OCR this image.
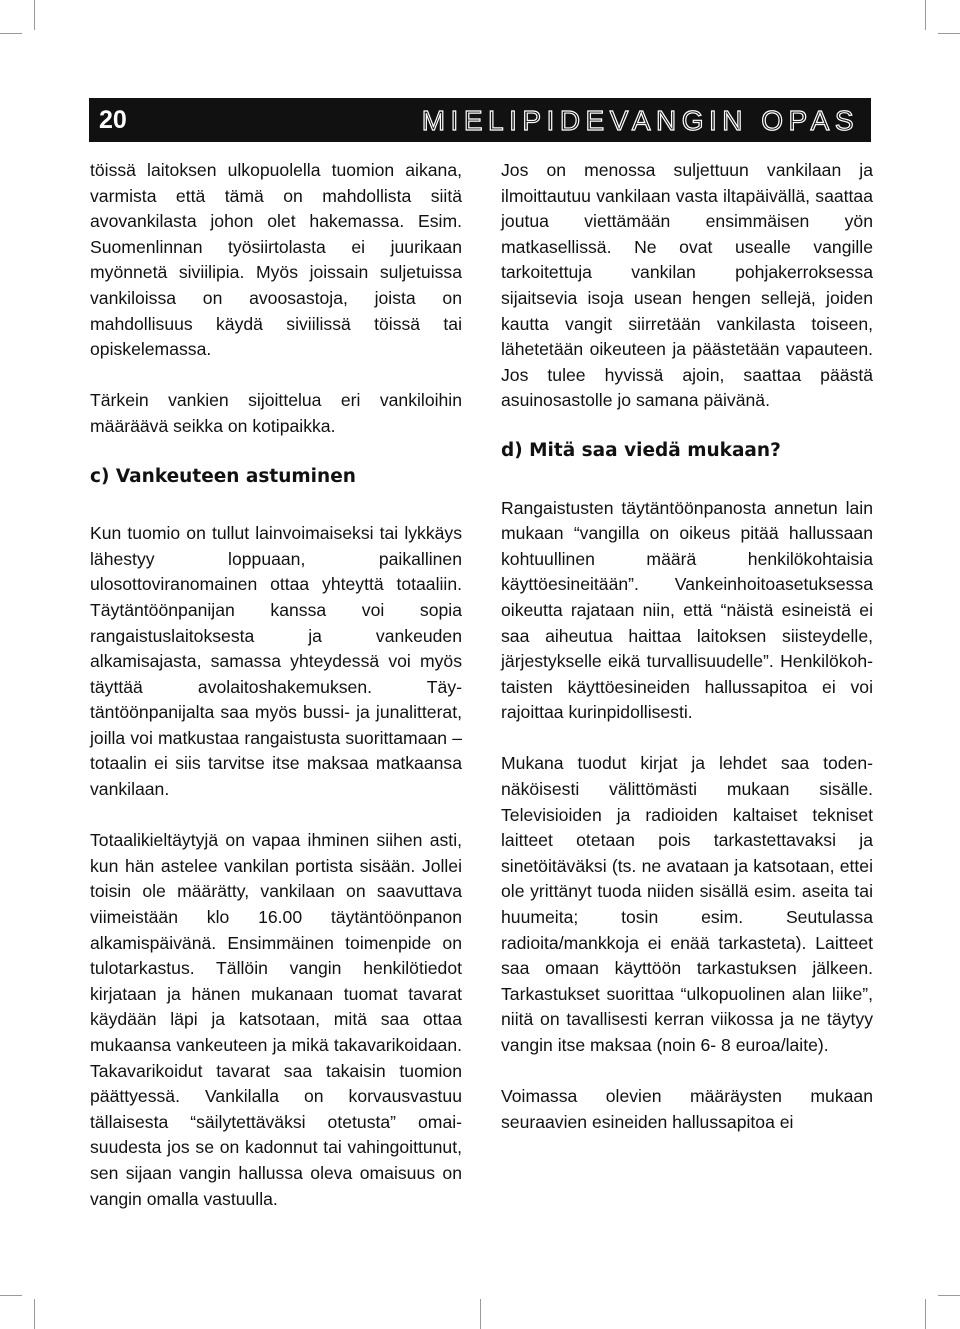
20	MIELIPIDEVANGIN OPAS

töissä laitoksen ulkopuolella tuomion aikana, varmista että tämä on mahdollista siitä avovankilasta johon olet hakemassa. Esim. Suomenlinnan työsiirtolasta ei juurikaan myönnetä siviilipia. Myös joissain suljetuissa vankiloissa on avoosastoja, joista on mahdollisuus käydä siviilissä töissä tai opiskelemassa.

Tärkein vankien sijoittelua eri vankiloihin määräävä seikka on kotipaikka.

c) Vankeuteen astuminen

Kun tuomio on tullut lainvoimaiseksi tai lykkäys lähestyy loppuaan, paikallinen ulosottoviranomainen ottaa yhteyttä totaaliin. Täytäntöönpanijan kanssa voi sopia rangaistuslaitoksesta ja vankeuden alkamisajasta, samassa yhteydessä voi myös täyttää avolaitoshakemuksen. Täytäntöönpanijalta saa myös bussi- ja junalitterat, joilla voi matkustaa rangaistusta suorittamaan – totaalin ei siis tarvitse itse maksaa matkaansa vankilaan.

Totaalikieltäytyjä on vapaa ihminen siihen asti, kun hän astelee vankilan portista sisään. Jollei toisin ole määrätty, vankilaan on saavuttava viimeistään klo 16.00 täytäntöönpanon alkamispäivänä. Ensimmäinen toimenpide on tulotarkastus. Tällöin vangin henkilötiedot kirjataan ja hänen mukanaan tuomat tavarat käydään läpi ja katsotaan, mitä saa ottaa mukaansa vankeuteen ja mikä takavarikoidaan. Takavarikoidut tavarat saa takaisin tuomion päättyessä. Vankilalla on korvausvastuu tällaisesta “säilytettäväksi otetusta” omaisuudesta jos se on kadonnut tai vahingoittunut, sen sijaan vangin hallussa oleva omaisuus on vangin omalla vastuulla.

Jos on menossa suljettuun vankilaan ja ilmoittautuu vankilaan vasta iltapäivällä, saattaa joutua viettämään ensimmäisen yön matkasellissä. Ne ovat usealle vangille tarkoitettuja vankilan pohjakerroksessa sijaitsevia isoja usean hengen sellejä, joiden kautta vangit siirretään vankilasta toiseen, lähetetään oikeuteen ja päästetään vapauteen. Jos tulee hyvissä ajoin, saattaa päästä asuinosastolle jo samana päivänä.

d) Mitä saa viedä mukaan?

Rangaistusten täytäntöönpanosta annetun lain mukaan “vangilla on oikeus pitää hallussaan kohtuullinen määrä henkilökohtaisia käyttöesineitään”. Vankeinhoitoasetuksessa oikeutta rajataan niin, että “näistä esineistä ei saa aiheutua haittaa laitoksen siisteydelle, järjestykselle eikä turvallisuudelle”. Henkilökohtaisten käyttöesineiden hallussapitoa ei voi rajoittaa kurinpidollisesti.

Mukana tuodut kirjat ja lehdet saa todennäköisesti välittömästi mukaan sisälle. Televisioiden ja radioiden kaltaiset tekniset laitteet otetaan pois tarkastettavaksi ja sinetöitäväksi (ts. ne avataan ja katsotaan, ettei ole yrittänyt tuoda niiden sisällä esim. aseita tai huumeita; tosin esim. Seutulassa radioita/mankkoja ei enää tarkasteta). Laitteet saa omaan käyttöön tarkastuksen jälkeen. Tarkastukset suorittaa “ulkopuolinen alan liike”, niitä on tavallisesti kerran viikossa ja ne täytyy vangin itse maksaa (noin 6- 8 euroa/laite).

Voimassa olevien määräysten mukaan seuraavien esineiden hallussapitoa ei
